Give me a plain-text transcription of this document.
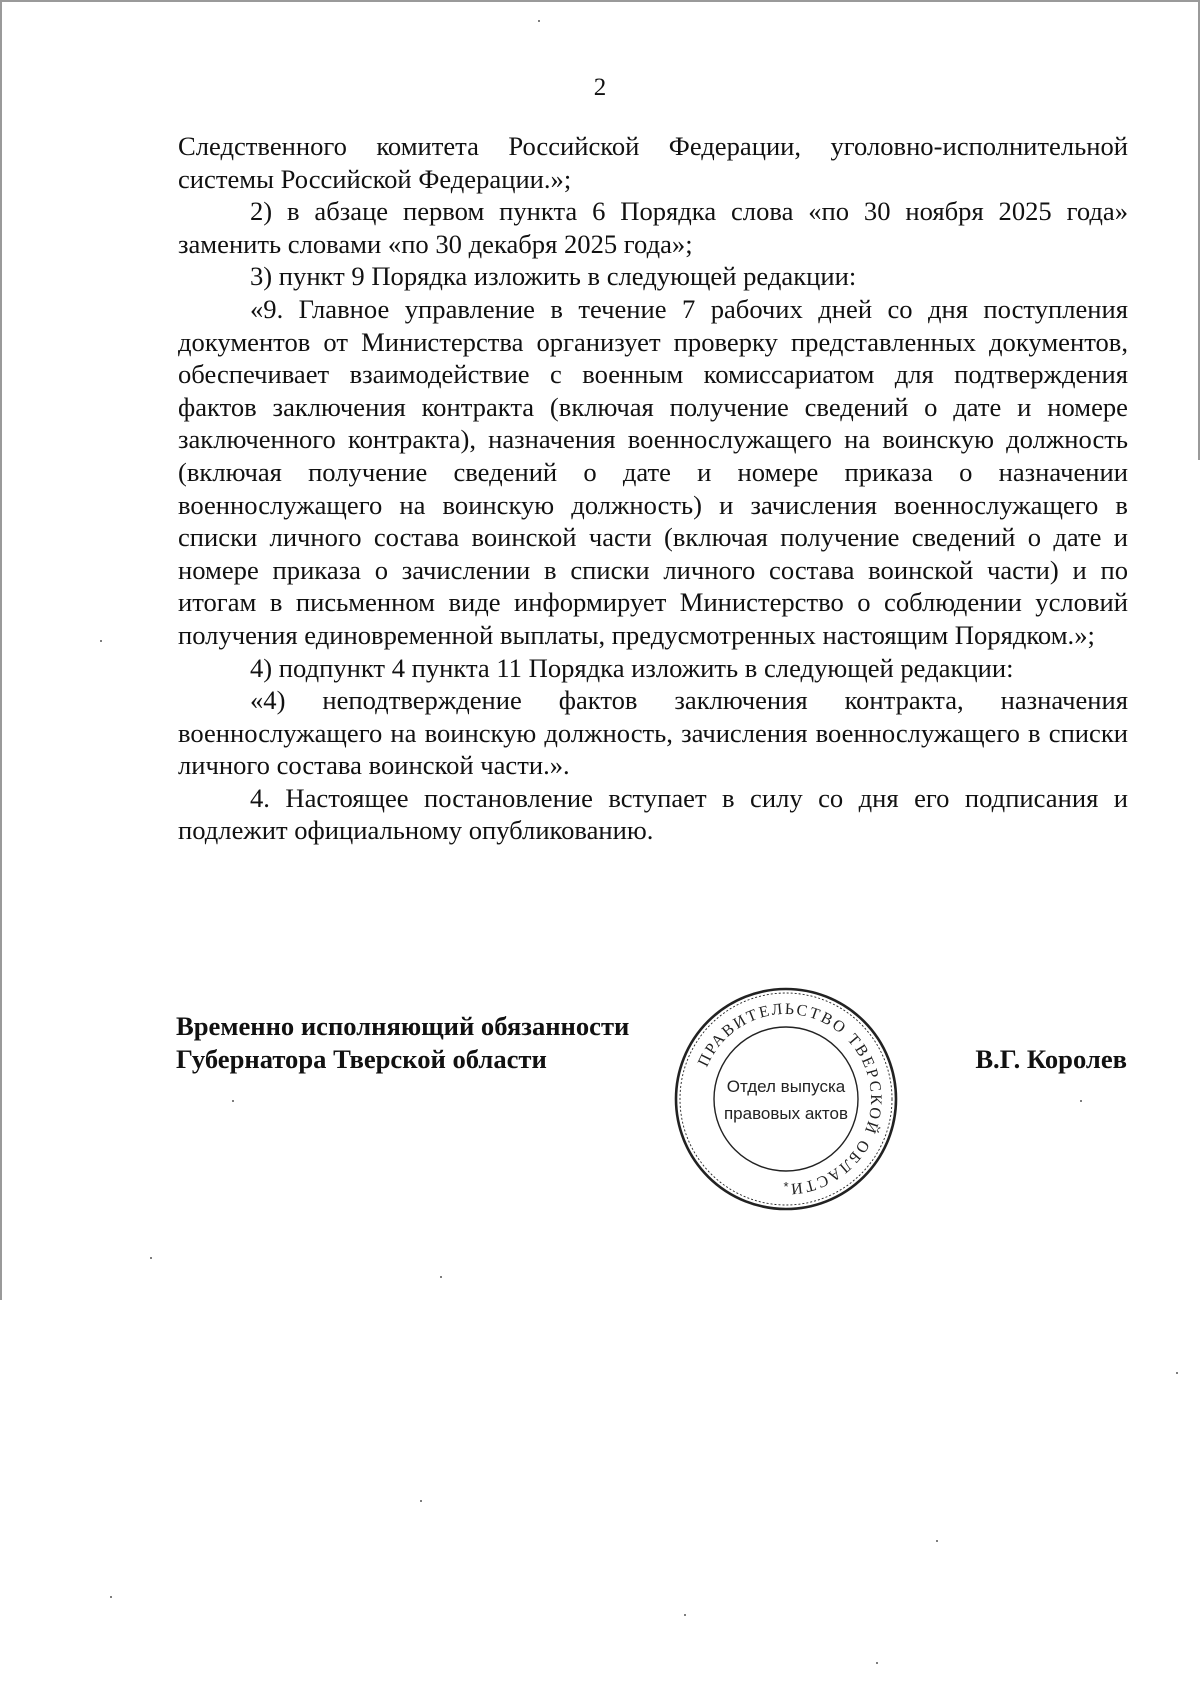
2

Следственного комитета Российской Федерации, уголовно-исполнительной системы Российской Федерации.»;

2) в абзаце первом пункта 6 Порядка слова «по 30 ноября 2025 года» заменить словами «по 30 декабря 2025 года»;

3) пункт 9 Порядка изложить в следующей редакции:

«9. Главное управление в течение 7 рабочих дней со дня поступления документов от Министерства организует проверку представленных документов, обеспечивает взаимодействие с военным комиссариатом для подтверждения фактов заключения контракта (включая получение сведений о дате и номере заключенного контракта), назначения военнослужащего на воинскую должность (включая получение сведений о дате и номере приказа о назначении военнослужащего на воинскую должность) и зачисления военнослужащего в списки личного состава воинской части (включая получение сведений о дате и номере приказа о зачислении в списки личного состава воинской части) и по итогам в письменном виде информирует Министерство о соблюдении условий получения единовременной выплаты, предусмотренных настоящим Порядком.»;

4) подпункт 4 пункта 11 Порядка изложить в следующей редакции:

«4) неподтверждение фактов заключения контракта, назначения военнослужащего на воинскую должность, зачисления военнослужащего в списки личного состава воинской части.».

4. Настоящее постановление вступает в силу со дня его подписания и подлежит официальному опубликованию.

Временно исполняющий обязанности
Губернатора Тверской области	В.Г. Королев
ПРАВИТЕЛЬСТВО ТВЕРСКОЙ ОБЛАСТИ
Отдел выпуска
правовых актов
*
